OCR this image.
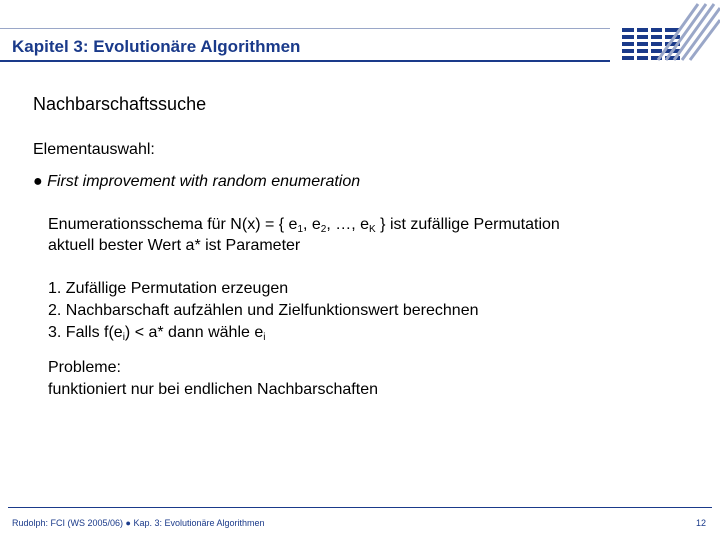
Kapitel 3: Evolutionäre Algorithmen
Nachbarschaftssuche
Elementauswahl:
● First improvement with random enumeration
Enumerationsschema für N(x) = { $e_1$, $e_2$, …, $e_K$ } ist zufällige Permutation
aktuell bester Wert a* ist Parameter
1. Zufällige Permutation erzeugen
2. Nachbarschaft aufzählen und Zielfunktionswert berechnen
3. Falls $f(e_i) < a*$ dann wähle $e_i$
Probleme:
funktioniert nur bei endlichen Nachbarschaften
Rudolph: FCI (WS 2005/06) ● Kap. 3: Evolutionäre Algorithmen	12
